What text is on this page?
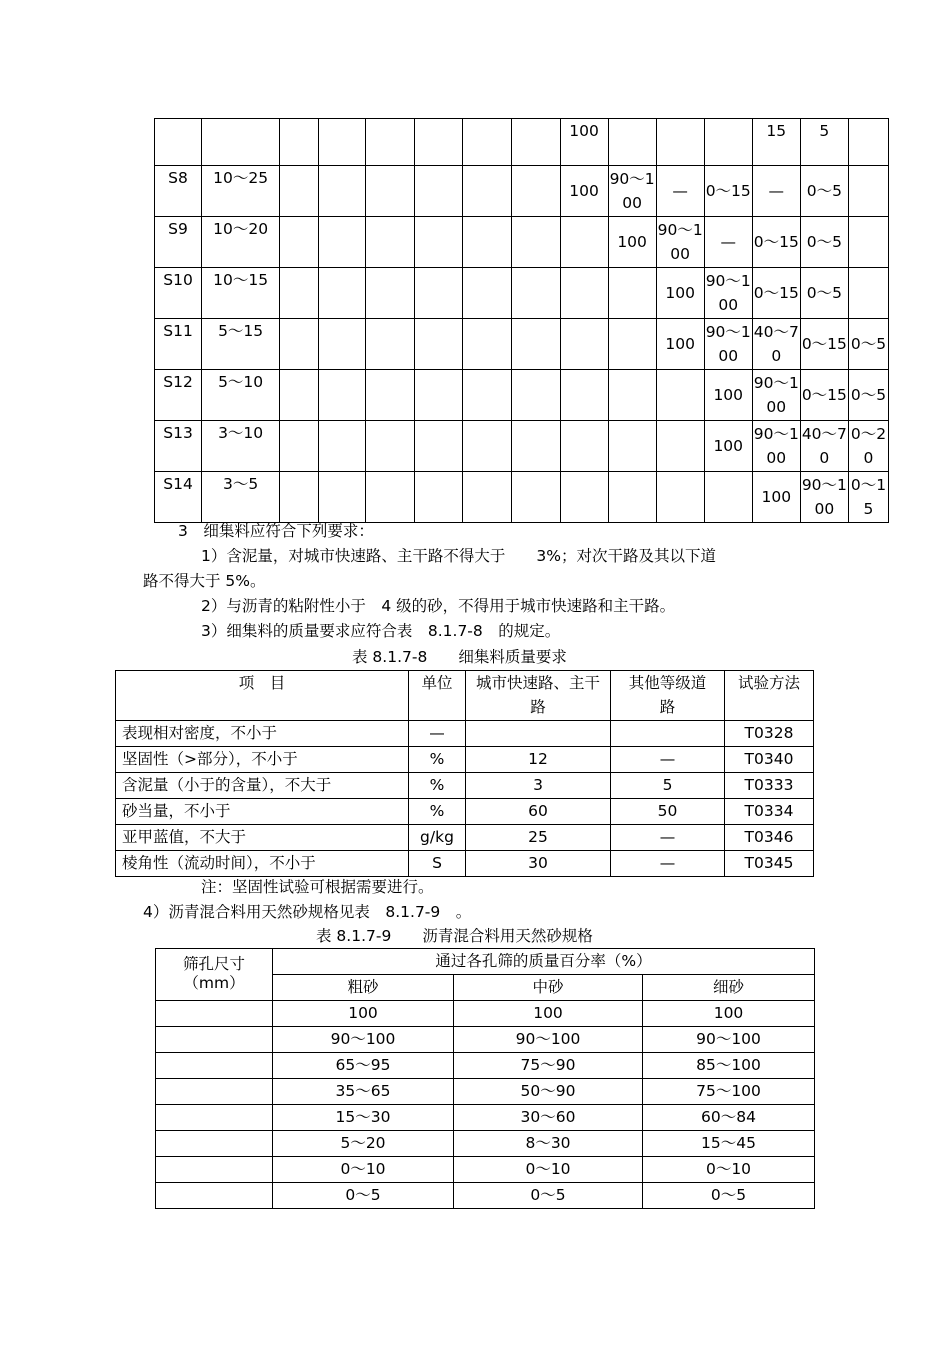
								100				15	5	
S8	10～25							100	90～100	—	0～15	—	0～5	
S9	10～20								100	90～100	—	0～15	0～5	
S10	10～15									100	90～100	0～15	0～5	
S11	5～15									100	90～100	40～70	0～15	0～5
S12	5～10										100	90～100	0～15	0～5
S13	3～10										100	90～100	40～70	0～20
S14	3～5											100	90～100	0～15
3　细集料应符合下列要求：
1）含泥量，对城市快速路、主干路不得大于　　3%；对次干路及其以下道
路不得大于 5%。
2）与沥青的粘附性小于　4 级的砂，不得用于城市快速路和主干路。
3）细集料的质量要求应符合表　8.1.7-8　的规定。
表 8.1.7-8　　细集料质量要求
项　目	单位	城市快速路、主干路	其他等级道路	试验方法
表现相对密度，不小于	—			T0328
坚固性（>部分），不小于	%	12	—	T0340
含泥量（小于的含量），不大于	%	3	5	T0333
砂当量，不小于	%	60	50	T0334
亚甲蓝值，不大于	g/kg	25	—	T0346
棱角性（流动时间），不小于	S	30	—	T0345
注：坚固性试验可根据需要进行。
4）沥青混合料用天然砂规格见表　8.1.7-9　。
表 8.1.7-9　　沥青混合料用天然砂规格
筛孔尺寸
（mm）	通过各孔筛的质量百分率（%）		
	粗砂	中砂	细砂
	100	100	100
	90～100	90～100	90～100
	65～95	75～90	85～100
	35～65	50～90	75～100
	15～30	30～60	60～84
	5～20	8～30	15～45
	0～10	0～10	0～10
	0～5	0～5	0～5
